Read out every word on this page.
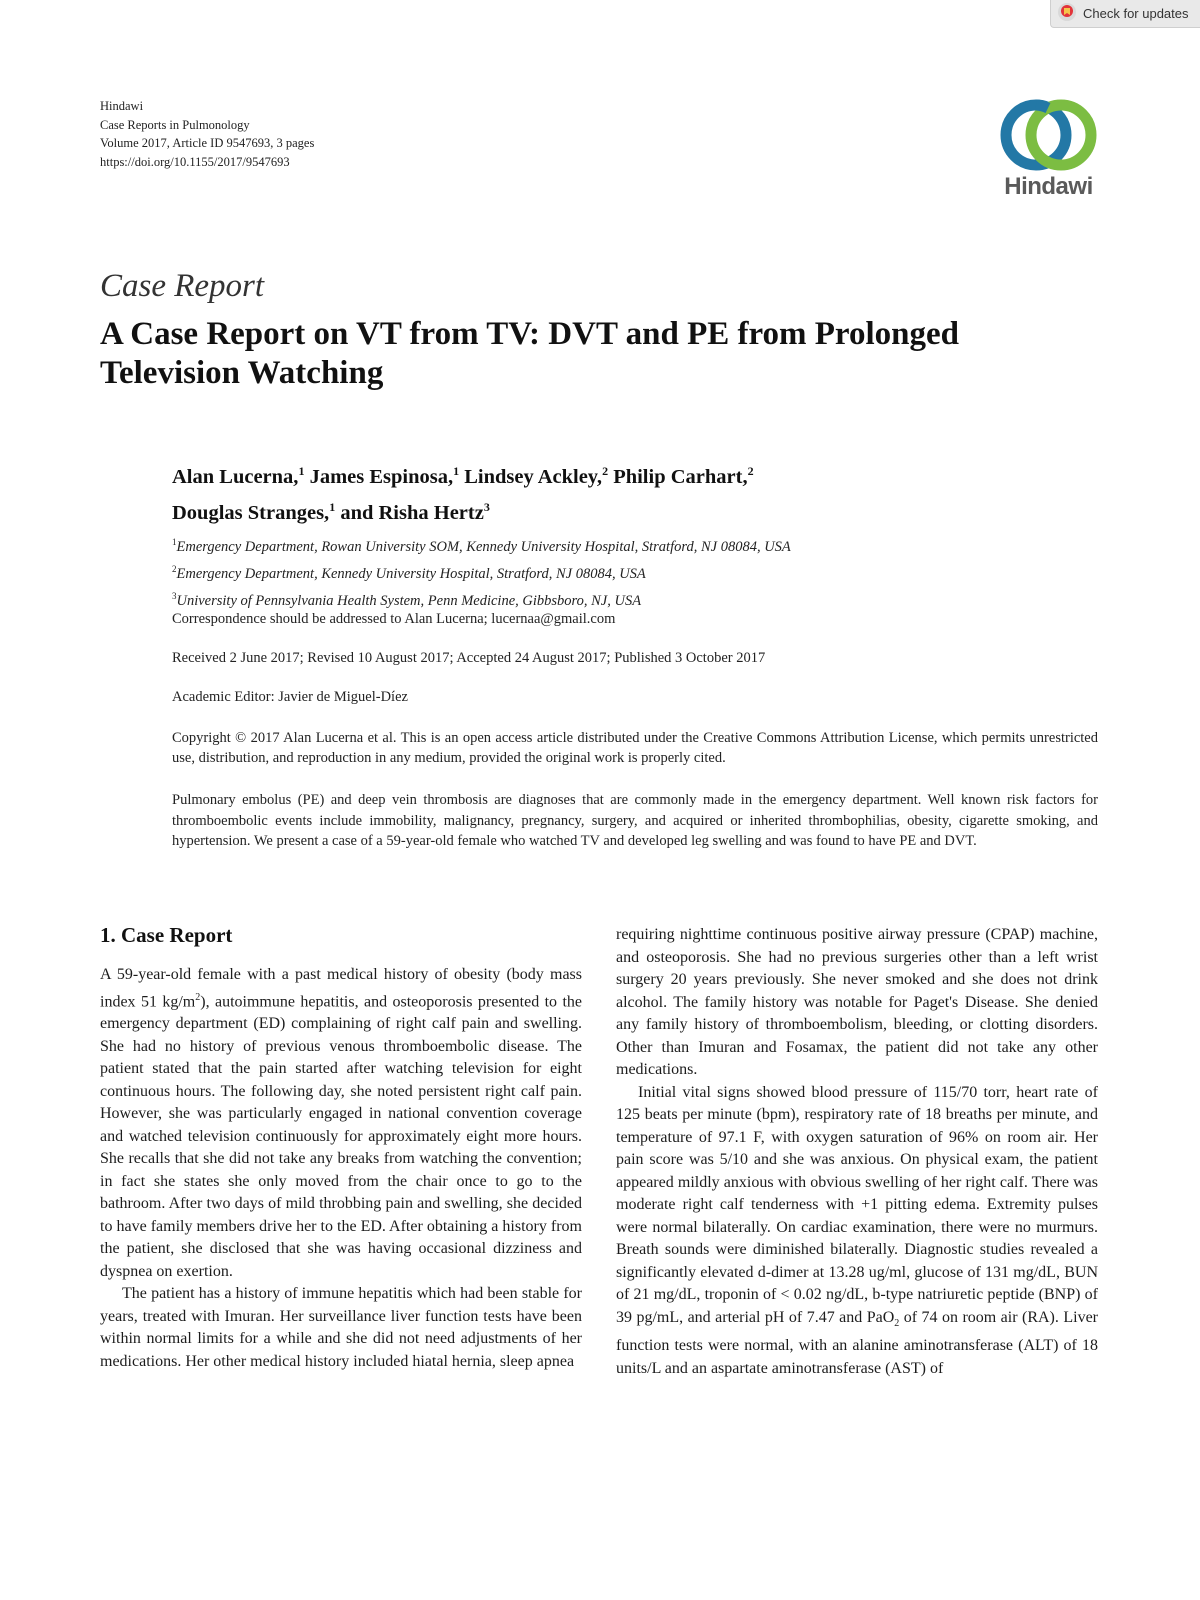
Check for updates
Hindawi
Case Reports in Pulmonology
Volume 2017, Article ID 9547693, 3 pages
https://doi.org/10.1155/2017/9547693
Hindawi
Case Report
A Case Report on VT from TV: DVT and PE from Prolonged Television Watching

Alan Lucerna,$^1$ James Espinosa,$^1$ Lindsey Ackley,$^2$ Philip Carhart,$^2$
Douglas Stranges,$^1$ and Risha Hertz$^3$

$^1$Emergency Department, Rowan University SOM, Kennedy University Hospital, Stratford, NJ 08084, USA
$^2$Emergency Department, Kennedy University Hospital, Stratford, NJ 08084, USA
$^3$University of Pennsylvania Health System, Penn Medicine, Gibbsboro, NJ, USA
Correspondence should be addressed to Alan Lucerna; lucernaa@gmail.com
Received 2 June 2017; Revised 10 August 2017; Accepted 24 August 2017; Published 3 October 2017
Academic Editor: Javier de Miguel-Díez

Copyright © 2017 Alan Lucerna et al. This is an open access article distributed under the Creative Commons Attribution License, which permits unrestricted use, distribution, and reproduction in any medium, provided the original work is properly cited.

Pulmonary embolus (PE) and deep vein thrombosis are diagnoses that are commonly made in the emergency department. Well known risk factors for thromboembolic events include immobility, malignancy, pregnancy, surgery, and acquired or inherited thrombophilias, obesity, cigarette smoking, and hypertension. We present a case of a 59-year-old female who watched TV and developed leg swelling and was found to have PE and DVT.

1. Case Report

A 59-year-old female with a past medical history of obesity (body mass index 51 $kg/m^2$), autoimmune hepatitis, and osteoporosis presented to the emergency department (ED) complaining of right calf pain and swelling. She had no history of previous venous thromboembolic disease. The patient stated that the pain started after watching television for eight continuous hours. The following day, she noted persistent right calf pain. However, she was particularly engaged in national convention coverage and watched television continuously for approximately eight more hours. She recalls that she did not take any breaks from watching the convention; in fact she states she only moved from the chair once to go to the bathroom. After two days of mild throbbing pain and swelling, she decided to have family members drive her to the ED. After obtaining a history from the patient, she disclosed that she was having occasional dizziness and dyspnea on exertion.

The patient has a history of immune hepatitis which had been stable for years, treated with Imuran. Her surveillance liver function tests have been within normal limits for a while and she did not need adjustments of her medications. Her other medical history included hiatal hernia, sleep apnea

requiring nighttime continuous positive airway pressure (CPAP) machine, and osteoporosis. She had no previous surgeries other than a left wrist surgery 20 years previously. She never smoked and she does not drink alcohol. The family history was notable for Paget's Disease. She denied any family history of thromboembolism, bleeding, or clotting disorders. Other than Imuran and Fosamax, the patient did not take any other medications.

Initial vital signs showed blood pressure of 115/70 torr, heart rate of 125 beats per minute (bpm), respiratory rate of 18 breaths per minute, and temperature of 97.1 F, with oxygen saturation of 96% on room air. Her pain score was 5/10 and she was anxious. On physical exam, the patient appeared mildly anxious with obvious swelling of her right calf. There was moderate right calf tenderness with +1 pitting edema. Extremity pulses were normal bilaterally. On cardiac examination, there were no murmurs. Breath sounds were diminished bilaterally. Diagnostic studies revealed a significantly elevated d-dimer at 13.28 ug/ml, glucose of 131 mg/dL, BUN of 21 mg/dL, troponin of < 0.02 ng/dL, b-type natriuretic peptide (BNP) of 39 pg/mL, and arterial pH of 7.47 and PaO$_2$ of 74 on room air (RA). Liver function tests were normal, with an alanine aminotransferase (ALT) of 18 units/L and an aspartate aminotransferase (AST) of
